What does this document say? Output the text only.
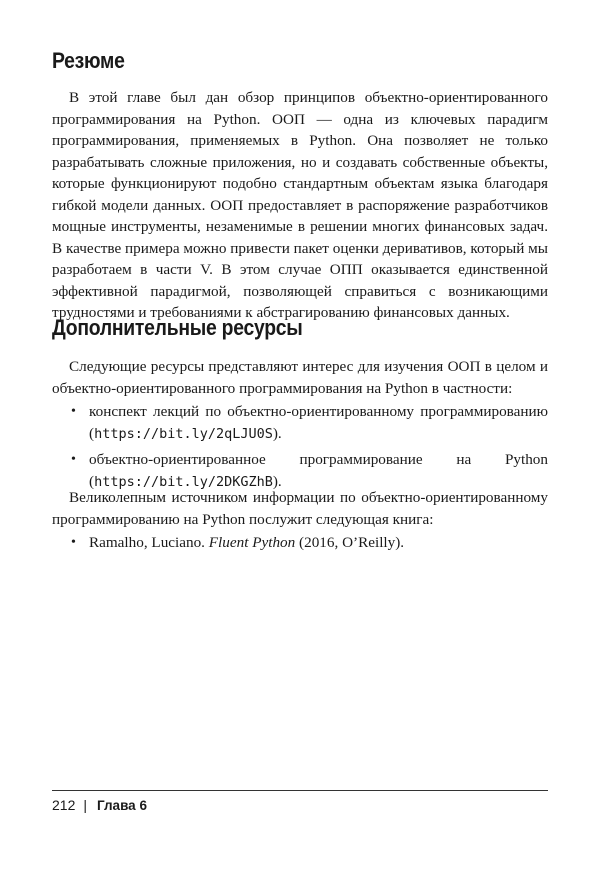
Резюме

В этой главе был дан обзор принципов объектно-ориентированного программирования на Python. ООП — одна из ключевых парадигм программирования, применяемых в Python. Она позволяет не только разрабатывать сложные приложения, но и создавать собственные объекты, которые функционируют подобно стандартным объектам языка благодаря гибкой модели данных. ООП предоставляет в распоряжение разработчиков мощные инструменты, незаменимые в решении многих финансовых задач. В качестве примера можно привести пакет оценки деривативов, который мы разработаем в части V. В этом случае ОПП оказывается единственной эффективной парадигмой, позволяющей справиться с возникающими трудностями и требованиями к абстрагированию финансовых данных.

Дополнительные ресурсы

Следующие ресурсы представляют интерес для изучения ООП в целом и объектно-ориентированного программирования на Python в частности:

• конспект лекций по объектно-ориентированному программированию (https://bit.ly/2qLJU0S).
• объектно-ориентированное программирование на Python (https://bit.ly/2DKGZhB).

Великолепным источником информации по объектно-ориентированному программированию на Python послужит следующая книга:

• Ramalho, Luciano. Fluent Python (2016, O’Reilly).
212 | Глава 6
